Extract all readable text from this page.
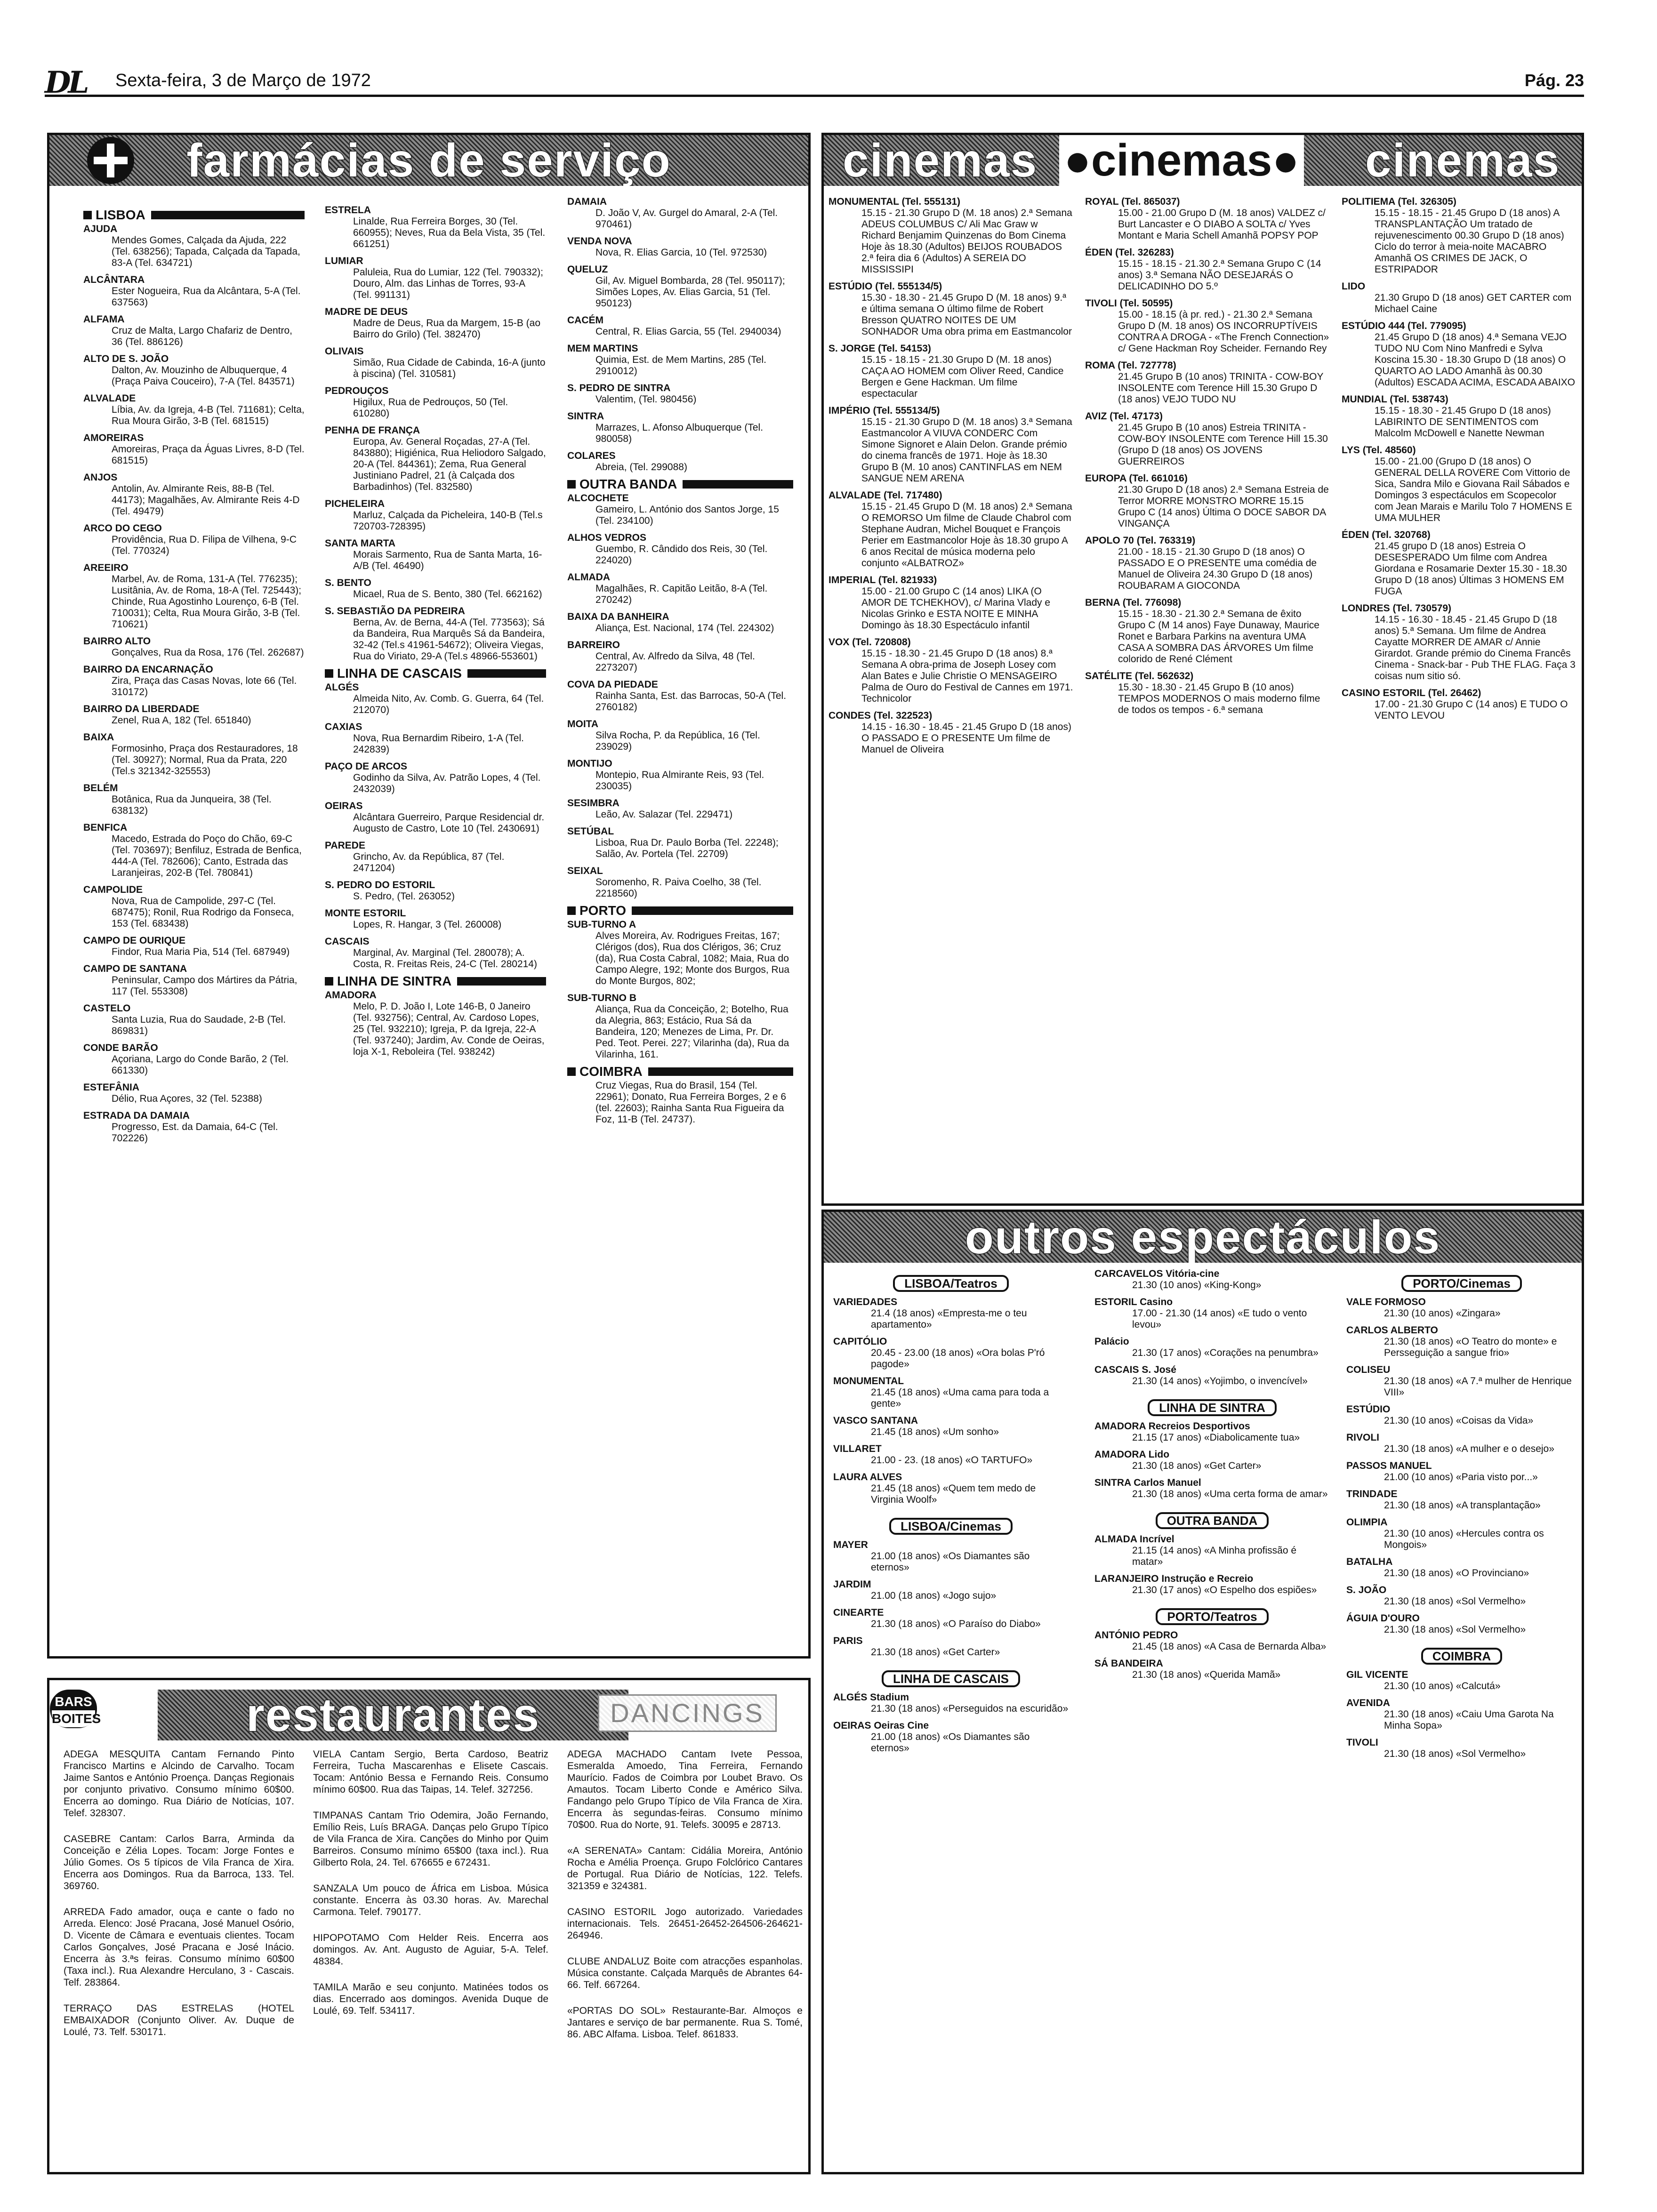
DL Sexta-feira, 3 de Março de 1972	Pág. 23
farmácias de serviço
LISBOA
AJUDA
Mendes Gomes, Calçada da Ajuda, 222 (Tel. 638256); Tapada, Calçada da Tapada, 83-A (Tel. 634721)
ALCÂNTARA
Ester Nogueira, Rua da Alcântara, 5-A (Tel. 637563)
ALFAMA
Cruz de Malta, Largo Chafariz de Dentro, 36 (Tel. 886126)
ALTO DE S. JOÃO
Dalton, Av. Mouzinho de Albuquerque, 4 (Praça Paiva Couceiro), 7-A (Tel. 843571)
ALVALADE
Líbia, Av. da Igreja, 4-B (Tel. 711681); Celta, Rua Moura Girão, 3-B (Tel. 681515)
AMOREIRAS
Amoreiras, Praça da Águas Livres, 8-D (Tel. 681515)
ANJOS
Antolin, Av. Almirante Reis, 88-B (Tel. 44173); Magalhães, Av. Almirante Reis 4-D (Tel. 49479)
ARCO DO CEGO
Providência, Rua D. Filipa de Vilhena, 9-C (Tel. 770324)
AREEIRO
Marbel, Av. de Roma, 131-A (Tel. 776235); Lusitânia, Av. de Roma, 18-A (Tel. 725443); Chinde, Rua Agostinho Lourenço, 6-B (Tel. 710031); Celta, Rua Moura Girão, 3-B (Tel. 710621)
BAIRRO ALTO
Gonçalves, Rua da Rosa, 176 (Tel. 262687)
BAIRRO DA ENCARNAÇÃO
Zira, Praça das Casas Novas, lote 66 (Tel. 310172)
BAIRRO DA LIBERDADE
Zenel, Rua A, 182 (Tel. 651840)
BAIXA
Formosinho, Praça dos Restauradores, 18 (Tel. 30927); Normal, Rua da Prata, 220 (Tel.s 321342-325553)
BELÉM
Botânica, Rua da Junqueira, 38 (Tel. 638132)
BENFICA
Macedo, Estrada do Poço do Chão, 69-C (Tel. 703697); Benfiluz, Estrada de Benfica, 444-A (Tel. 782606); Canto, Estrada das Laranjeiras, 202-B (Tel. 780841)
CAMPOLIDE
Nova, Rua de Campolide, 297-C (Tel. 687475); Ronil, Rua Rodrigo da Fonseca, 153 (Tel. 683438)
CAMPO DE OURIQUE
Findor, Rua Maria Pia, 514 (Tel. 687949)
CAMPO DE SANTANA
Peninsular, Campo dos Mártires da Pátria, 117 (Tel. 553308)
CASTELO
Santa Luzia, Rua do Saudade, 2-B (Tel. 869831)
CONDE BARÃO
Açoriana, Largo do Conde Barão, 2 (Tel. 661330)
ESTEFÂNIA
Délio, Rua Açores, 32 (Tel. 52388)
ESTRADA DA DAMAIA
Progresso, Est. da Damaia, 64-C (Tel. 702226)
ESTRELA
Linalde, Rua Ferreira Borges, 30 (Tel. 660955); Neves, Rua da Bela Vista, 35 (Tel. 661251)
LUMIAR
Paluleia, Rua do Lumiar, 122 (Tel. 790332); Douro, Alm. das Linhas de Torres, 93-A (Tel. 991131)
MADRE DE DEUS
Madre de Deus, Rua da Margem, 15-B (ao Bairro do Grilo) (Tel. 382470)
OLIVAIS
Simão, Rua Cidade de Cabinda, 16-A (junto à piscina) (Tel. 310581)
PEDROUÇOS
Higilux, Rua de Pedrouços, 50 (Tel. 610280)
PENHA DE FRANÇA
Europa, Av. General Roçadas, 27-A (Tel. 843880); Higiénica, Rua Heliodoro Salgado, 20-A (Tel. 844361); Zema, Rua General Justiniano Padrel, 21 (à Calçada dos Barbadinhos) (Tel. 832580)
PICHELEIRA
Marluz, Calçada da Picheleira, 140-B (Tel.s 720703-728395)
SANTA MARTA
Morais Sarmento, Rua de Santa Marta, 16-A/B (Tel. 46490)
S. BENTO
Micael, Rua de S. Bento, 380 (Tel. 662162)
S. SEBASTIÃO DA PEDREIRA
Berna, Av. de Berna, 44-A (Tel. 773563); Sá da Bandeira, Rua Marquês Sá da Bandeira, 32-42 (Tel.s 41961-54672); Oliveira Viegas, Rua do Viriato, 29-A (Tel.s 48966-553601)
LINHA DE CASCAIS
ALGÉS
Almeida Nito, Av. Comb. G. Guerra, 64 (Tel. 212070)
CAXIAS
Nova, Rua Bernardim Ribeiro, 1-A (Tel. 242839)
PAÇO DE ARCOS
Godinho da Silva, Av. Patrão Lopes, 4 (Tel. 2432039)
OEIRAS
Alcântara Guerreiro, Parque Residencial dr. Augusto de Castro, Lote 10 (Tel. 2430691)
PAREDE
Grincho, Av. da República, 87 (Tel. 2471204)
S. PEDRO DO ESTORIL
S. Pedro, (Tel. 263052)
MONTE ESTORIL
Lopes, R. Hangar, 3 (Tel. 260008)
CASCAIS
Marginal, Av. Marginal (Tel. 280078); A. Costa, R. Freitas Reis, 24-C (Tel. 280214)
LINHA DE SINTRA
AMADORA
Melo, P. D. João I, Lote 146-B, 0 Janeiro (Tel. 932756); Central, Av. Cardoso Lopes, 25 (Tel. 932210); Igreja, P. da Igreja, 22-A (Tel. 937240); Jardim, Av. Conde de Oeiras, loja X-1, Reboleira (Tel. 938242)
DAMAIA
D. João V, Av. Gurgel do Amaral, 2-A (Tel. 970461)
VENDA NOVA
Nova, R. Elias Garcia, 10 (Tel. 972530)
QUELUZ
Gil, Av. Miguel Bombarda, 28 (Tel. 950117); Simões Lopes, Av. Elias Garcia, 51 (Tel. 950123)
CACÉM
Central, R. Elias Garcia, 55 (Tel. 2940034)
MEM MARTINS
Quimia, Est. de Mem Martins, 285 (Tel. 2910012)
S. PEDRO DE SINTRA
Valentim, (Tel. 980456)
SINTRA
Marrazes, L. Afonso Albuquerque (Tel. 980058)
COLARES
Abreia, (Tel. 299088)
OUTRA BANDA
ALCOCHETE
Gameiro, L. António dos Santos Jorge, 15 (Tel. 234100)
ALHOS VEDROS
Guembo, R. Cândido dos Reis, 30 (Tel. 224020)
ALMADA
Magalhães, R. Capitão Leitão, 8-A (Tel. 270242)
BAIXA DA BANHEIRA
Aliança, Est. Nacional, 174 (Tel. 224302)
BARREIRO
Central, Av. Alfredo da Silva, 48 (Tel. 2273207)
COVA DA PIEDADE
Rainha Santa, Est. das Barrocas, 50-A (Tel. 2760182)
MOITA
Silva Rocha, P. da República, 16 (Tel. 239029)
MONTIJO
Montepio, Rua Almirante Reis, 93 (Tel. 230035)
SESIMBRA
Leão, Av. Salazar (Tel. 229471)
SETÚBAL
Lisboa, Rua Dr. Paulo Borba (Tel. 22248); Salão, Av. Portela (Tel. 22709)
SEIXAL
Soromenho, R. Paiva Coelho, 38 (Tel. 2218560)
PORTO
SUB-TURNO A
Alves Moreira, Av. Rodrigues Freitas, 167; Clérigos (dos), Rua dos Clérigos, 36; Cruz (da), Rua Costa Cabral, 1082; Maia, Rua do Campo Alegre, 192; Monte dos Burgos, Rua do Monte Burgos, 802;
SUB-TURNO B
Aliança, Rua da Conceição, 2; Botelho, Rua da Alegria, 863; Estácio, Rua Sá da Bandeira, 120; Menezes de Lima, Pr. Dr. Ped. Teot. Perei. 227; Vilarinha (da), Rua da Vilarinha, 161.
COIMBRA
Cruz Viegas, Rua do Brasil, 154 (Tel. 22961); Donato, Rua Ferreira Borges, 2 e 6 (tel. 22603); Rainha Santa Rua Figueira da Foz, 11-B (Tel. 24737).
cinemas	cinemas
●cinemas●
MONUMENTAL (Tel. 555131)
15.15 - 21.30 Grupo D (M. 18 anos) 2.ª Semana ADEUS COLUMBUS C/ Ali Mac Graw w Richard Benjamim Quinzenas do Bom Cinema Hoje às 18.30 (Adultos) BEIJOS ROUBADOS 2.ª feira dia 6 (Adultos) A SEREIA DO MISSISSIPI
ESTÚDIO (Tel. 555134/5)
15.30 - 18.30 - 21.45 Grupo D (M. 18 anos) 9.ª e última semana O último filme de Robert Bresson QUATRO NOITES DE UM SONHADOR Uma obra prima em Eastmancolor
S. JORGE (Tel. 54153)
15.15 - 18.15 - 21.30 Grupo D (M. 18 anos) CAÇA AO HOMEM com Oliver Reed, Candice Bergen e Gene Hackman. Um filme espectacular
IMPÉRIO (Tel. 555134/5)
15.15 - 21.30 Grupo D (M. 18 anos) 3.ª Semana Eastmancolor A VIUVA CONDERC Com Simone Signoret e Alain Delon. Grande prémio do cinema francês de 1971. Hoje às 18.30 Grupo B (M. 10 anos) CANTINFLAS em NEM SANGUE NEM ARENA
ALVALADE (Tel. 717480)
15.15 - 21.45 Grupo D (M. 18 anos) 2.ª Semana O REMORSO Um filme de Claude Chabrol com Stephane Audran, Michel Bouquet e François Perier em Eastmancolor Hoje às 18.30 grupo A 6 anos Recital de música moderna pelo conjunto «ALBATROZ»
IMPERIAL (Tel. 821933)
15.00 - 21.00 Grupo C (14 anos) LIKA (O AMOR DE TCHEKHOV), c/ Marina Vlady e Nicolas Grinko e ESTA NOITE E MINHA Domingo às 18.30 Espectáculo infantil
VOX (Tel. 720808)
15.15 - 18.30 - 21.45 Grupo D (18 anos) 8.ª Semana A obra-prima de Joseph Losey com Alan Bates e Julie Christie O MENSAGEIRO Palma de Ouro do Festival de Cannes em 1971. Technicolor
CONDES (Tel. 322523)
14.15 - 16.30 - 18.45 - 21.45 Grupo D (18 anos) O PASSADO E O PRESENTE Um filme de Manuel de Oliveira
ROYAL (Tel. 865037)
15.00 - 21.00 Grupo D (M. 18 anos) VALDEZ c/ Burt Lancaster e O DIABO A SOLTA c/ Yves Montant e Maria Schell Amanhã POPSY POP
ÉDEN (Tel. 326283)
15.15 - 18.15 - 21.30 2.ª Semana Grupo C (14 anos) 3.ª Semana NÃO DESEJARÁS O DELICADINHO DO 5.º
TIVOLI (Tel. 50595)
15.00 - 18.15 (à pr. red.) - 21.30 2.ª Semana Grupo D (M. 18 anos) OS INCORRUPTÍVEIS CONTRA A DROGA - «The French Connection» c/ Gene Hackman Roy Scheider. Fernando Rey
ROMA (Tel. 727778)
21.45 Grupo B (10 anos) TRINITA - COW-BOY INSOLENTE com Terence Hill 15.30 Grupo D (18 anos) VEJO TUDO NU
AVIZ (Tel. 47173)
21.45 Grupo B (10 anos) Estreia TRINITA - COW-BOY INSOLENTE com Terence Hill 15.30 (Grupo D (18 anos) OS JOVENS GUERREIROS
EUROPA (Tel. 661016)
21.30 Grupo D (18 anos) 2.ª Semana Estreia de Terror MORRE MONSTRO MORRE 15.15 Grupo C (14 anos) Última O DOCE SABOR DA VINGANÇA
APOLO 70 (Tel. 763319)
21.00 - 18.15 - 21.30 Grupo D (18 anos) O PASSADO E O PRESENTE uma comédia de Manuel de Oliveira 24.30 Grupo D (18 anos) ROUBARAM A GIOCONDA
BERNA (Tel. 776098)
15.15 - 18.30 - 21.30 2.ª Semana de êxito Grupo C (M 14 anos) Faye Dunaway, Maurice Ronet e Barbara Parkins na aventura UMA CASA A SOMBRA DAS ÁRVORES Um filme colorido de René Clément
SATÉLITE (Tel. 562632)
15.30 - 18.30 - 21.45 Grupo B (10 anos) TEMPOS MODERNOS O mais moderno filme de todos os tempos - 6.ª semana
POLITIEMA (Tel. 326305)
15.15 - 18.15 - 21.45 Grupo D (18 anos) A TRANSPLANTAÇÃO Um tratado de rejuvenescimento 00.30 Grupo D (18 anos) Ciclo do terror à meia-noite MACABRO Amanhã OS CRIMES DE JACK, O ESTRIPADOR
LIDO
21.30 Grupo D (18 anos) GET CARTER com Michael Caine
ESTÚDIO 444 (Tel. 779095)
21.45 Grupo D (18 anos) 4.ª Semana VEJO TUDO NU Com Nino Manfredi e Sylva Koscina 15.30 - 18.30 Grupo D (18 anos) O QUARTO AO LADO Amanhã às 00.30 (Adultos) ESCADA ACIMA, ESCADA ABAIXO
MUNDIAL (Tel. 538743)
15.15 - 18.30 - 21.45 Grupo D (18 anos) LABIRINTO DE SENTIMENTOS com Malcolm McDowell e Nanette Newman
LYS (Tel. 48560)
15.00 - 21.00 (Grupo D (18 anos) O GENERAL DELLA ROVERE Com Vittorio de Sica, Sandra Milo e Giovana Rail Sábados e Domingos 3 espectáculos em Scopecolor com Jean Marais e Marilu Tolo 7 HOMENS E UMA MULHER
ÉDEN (Tel. 320768)
21.45 grupo D (18 anos) Estreia O DESESPERADO Um filme com Andrea Giordana e Rosamarie Dexter 15.30 - 18.30 Grupo D (18 anos) Últimas 3 HOMENS EM FUGA
LONDRES (Tel. 730579)
14.15 - 16.30 - 18.45 - 21.45 Grupo D (18 anos) 5.ª Semana. Um filme de Andrea Cayatte MORRER DE AMAR c/ Annie Girardot. Grande prémio do Cinema Francês Cinema - Snack-bar - Pub THE FLAG. Faça 3 coisas num sitio só.
CASINO ESTORIL (Tel. 26462)
17.00 - 21.30 Grupo C (14 anos) E TUDO O VENTO LEVOU
outros espectáculos
LISBOA/Teatros
VARIEDADES
21.4 (18 anos) «Empresta-me o teu apartamento»
CAPITÓLIO
20.45 - 23.00 (18 anos) «Ora bolas P'ró pagode»
MONUMENTAL
21.45 (18 anos) «Uma cama para toda a gente»
VASCO SANTANA
21.45 (18 anos) «Um sonho»
VILLARET
21.00 - 23. (18 anos) «O TARTUFO»
LAURA ALVES
21.45 (18 anos) «Quem tem medo de Virginia Woolf»
LISBOA/Cinemas
MAYER
21.00 (18 anos) «Os Diamantes são eternos»
JARDIM
21.00 (18 anos) «Jogo sujo»
CINEARTE
21.30 (18 anos) «O Paraíso do Diabo»
PARIS
21.30 (18 anos) «Get Carter»
LINHA DE CASCAIS
ALGÉS Stadium
21.30 (18 anos) «Perseguidos na escuridão»
OEIRAS Oeiras Cine
21.00 (18 anos) «Os Diamantes são eternos»
CARCAVELOS Vitória-cine
21.30 (10 anos) «King-Kong»
ESTORIL Casino
17.00 - 21.30 (14 anos) «E tudo o vento levou»
Palácio
21.30 (17 anos) «Corações na penumbra»
CASCAIS S. José
21.30 (14 anos) «Yojimbo, o invencível»
LINHA DE SINTRA
AMADORA Recreios Desportivos
21.15 (17 anos) «Diabolicamente tua»
AMADORA Lido
21.30 (18 anos) «Get Carter»
SINTRA Carlos Manuel
21.30 (18 anos) «Uma certa forma de amar»
OUTRA BANDA
ALMADA Incrível
21.15 (14 anos) «A Minha profissão é matar»
LARANJEIRO Instrução e Recreio
21.30 (17 anos) «O Espelho dos espiões»
PORTO/Teatros
ANTÓNIO PEDRO
21.45 (18 anos) «A Casa de Bernarda Alba»
SÁ BANDEIRA
21.30 (18 anos) «Querida Mamã»
PORTO/Cinemas
VALE FORMOSO
21.30 (10 anos) «Zingara»
CARLOS ALBERTO
21.30 (18 anos) «O Teatro do monte» e Persseguição a sangue frio»
COLISEU
21.30 (18 anos) «A 7.ª mulher de Henrique VIII»
ESTÚDIO
21.30 (10 anos) «Coisas da Vida»
RIVOLI
21.30 (18 anos) «A mulher e o desejo»
PASSOS MANUEL
21.00 (10 anos) «Paria visto por...»
TRINDADE
21.30 (18 anos) «A transplantação»
OLIMPIA
21.30 (10 anos) «Hercules contra os Mongois»
BATALHA
21.30 (18 anos) «O Provinciano»
S. JOÃO
21.30 (18 anos) «Sol Vermelho»
ÁGUIA D'OURO
21.30 (18 anos) «Sol Vermelho»
COIMBRA
GIL VICENTE
21.30 (10 anos) «Calcutá»
AVENIDA
21.30 (18 anos) «Caiu Uma Garota Na Minha Sopa»
TIVOLI
21.30 (18 anos) «Sol Vermelho»
restaurantes

ADEGA MESQUITA Cantam Fernando Pinto Francisco Martins e Alcindo de Carvalho. Tocam Jaime Santos e António Proença. Danças Regionais por conjunto privativo. Consumo mínimo 60$00. Encerra ao domingo. Rua Diário de Notícias, 107. Telef. 328307.

CASEBRE Cantam: Carlos Barra, Arminda da Conceição e Zélia Lopes. Tocam: Jorge Fontes e Júlio Gomes. Os 5 típicos de Vila Franca de Xira. Encerra aos Domingos. Rua da Barroca, 133. Tel. 369760.

ARREDA Fado amador, ouça e cante o fado no Arreda. Elenco: José Pracana, José Manuel Osório, D. Vicente de Câmara e eventuais clientes. Tocam Carlos Gonçalves, José Pracana e José Inácio. Encerra às 3.ªs feiras. Consumo mínimo 60$00 (Taxa incl.). Rua Alexandre Herculano, 3 - Cascais. Telf. 283864.

TERRAÇO DAS ESTRELAS (HOTEL EMBAIXADOR (Conjunto Oliver. Av. Duque de Loulé, 73. Telf. 530171.

VIELA Cantam Sergio, Berta Cardoso, Beatriz Ferreira, Tucha Mascarenhas e Elisete Cascais. Tocam: António Bessa e Fernando Reis. Consumo mínimo 60$00. Rua das Taipas, 14. Telef. 327256.

TIMPANAS Cantam Trio Odemira, João Fernando, Emílio Reis, Luís BRAGA. Danças pelo Grupo Típico de Vila Franca de Xira. Canções do Minho por Quim Barreiros. Consumo mínimo 65$00 (taxa incl.). Rua Gilberto Rola, 24. Tel. 676655 e 672431.

SANZALA Um pouco de África em Lisboa. Música constante. Encerra às 03.30 horas. Av. Marechal Carmona. Telef. 790177.

HIPOPOTAMO Com Helder Reis. Encerra aos domingos. Av. Ant. Augusto de Aguiar, 5-A. Telef. 48384.

TAMILA Marão e seu conjunto. Matinées todos os dias. Encerrado aos domingos. Avenida Duque de Loulé, 69. Telf. 534117.

ADEGA MACHADO Cantam Ivete Pessoa, Esmeralda Amoedo, Tina Ferreira, Fernando Maurício. Fados de Coimbra por Loubet Bravo. Os Amautos. Tocam Liberto Conde e Américo Silva. Fandango pelo Grupo Típico de Vila Franca de Xira. Encerra às segundas-feiras. Consumo mínimo 70$00. Rua do Norte, 91. Telefs. 30095 e 28713.

«A SERENATA» Cantam: Cidália Moreira, António Rocha e Amélia Proença. Grupo Folclórico Cantares de Portugal. Rua Diário de Notícias, 122. Telefs. 321359 e 324381.

CASINO ESTORIL Jogo autorizado. Variedades internacionais. Tels. 26451-26452-264506-264621-264946.

CLUBE ANDALUZ Boite com atracções espanholas. Música constante. Calçada Marquês de Abrantes 64-66. Telf. 667264.

«PORTAS DO SOL» Restaurante-Bar. Almoços e Jantares e serviço de bar permanente. Rua S. Tomé, 86. ABC Alfama. Lisboa. Telef. 861833.

BARS
BOITES	DANCINGS
